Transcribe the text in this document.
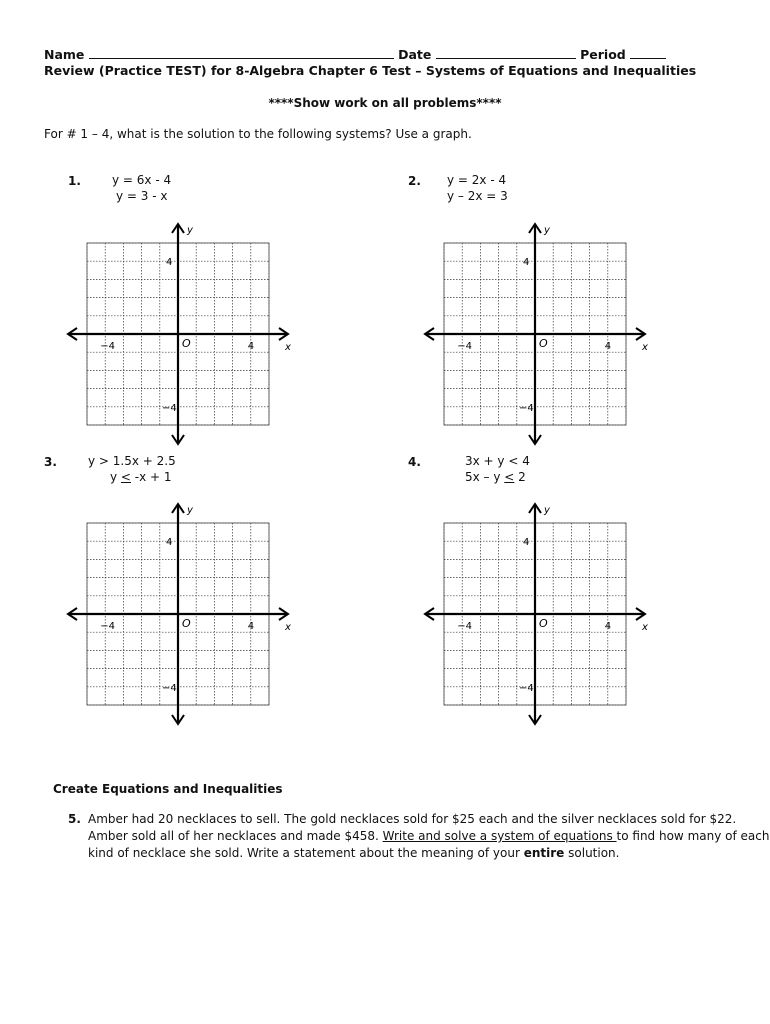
Name	Date	Period
Review (Practice TEST) for 8-Algebra Chapter 6 Test – Systems of Equations and Inequalities
****Show work on all problems****
For # 1 – 4, what is the solution to the following systems? Use a graph.
1.	y = 6x - 4
y = 3 - x
2. y = 2x - 4
y – 2x = 3
3.	y > 1.5x + 2.5
y < -x + 1
4.	3x + y < 4
5x – y < 2
y
x
O
−4	4
4
−4
y
x
O
−4	4
4
−4
y
x
O
−4	4
4
−4
y
x
O
−4	4
4
−4
Create Equations and Inequalities
5. Amber had 20 necklaces to sell. The gold necklaces sold for $25 each and the silver necklaces sold for $22.
Amber sold all of her necklaces and made $458. Write and solve a system of equations to find how many of each
kind of necklace she sold. Write a statement about the meaning of your entire solution.
